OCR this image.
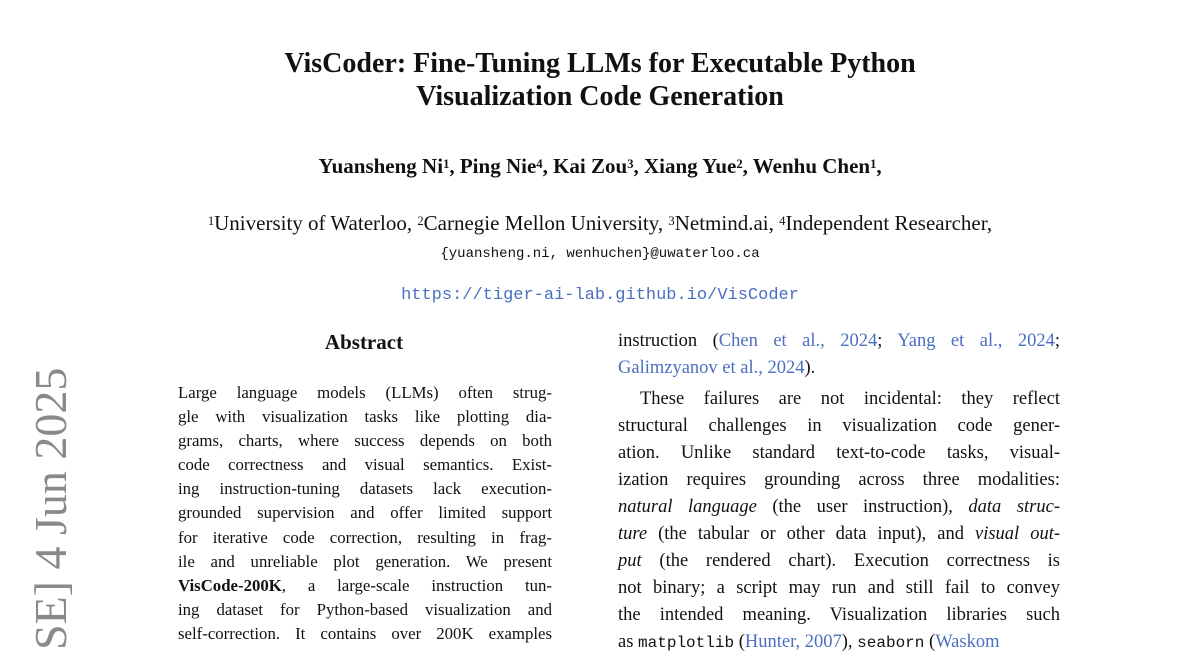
SE] 4 Jun 2025
VisCoder: Fine-Tuning LLMs for Executable Python
Visualization Code Generation
Yuansheng Ni$^1$, Ping Nie$^4$, Kai Zou$^3$, Xiang Yue$^2$, Wenhu Chen$^1$,
$^1$University of Waterloo, $^2$Carnegie Mellon University, $^3$Netmind.ai, $^4$Independent Researcher,
{yuansheng.ni, wenhuchen}@uwaterloo.ca
https://tiger-ai-lab.github.io/VisCoder
Abstract
Large language models (LLMs) often strug-
gle with visualization tasks like plotting dia-
grams, charts, where success depends on both
code correctness and visual semantics. Exist-
ing instruction-tuning datasets lack execution-
grounded supervision and offer limited support
for iterative code correction, resulting in frag-
ile and unreliable plot generation. We present
VisCode-200K, a large-scale instruction tun-
ing dataset for Python-based visualization and
self-correction. It contains over 200K examples
instruction (Chen et al., 2024; Yang et al., 2024;
Galimzyanov et al., 2024).
These failures are not incidental: they reflect
structural challenges in visualization code gener-
ation. Unlike standard text-to-code tasks, visual-
ization requires grounding across three modalities:
natural language (the user instruction), data struc-
ture (the tabular or other data input), and visual out-
put (the rendered chart). Execution correctness is
not binary; a script may run and still fail to convey
the intended meaning. Visualization libraries such
as matplotlib (Hunter, 2007), seaborn (Waskom
